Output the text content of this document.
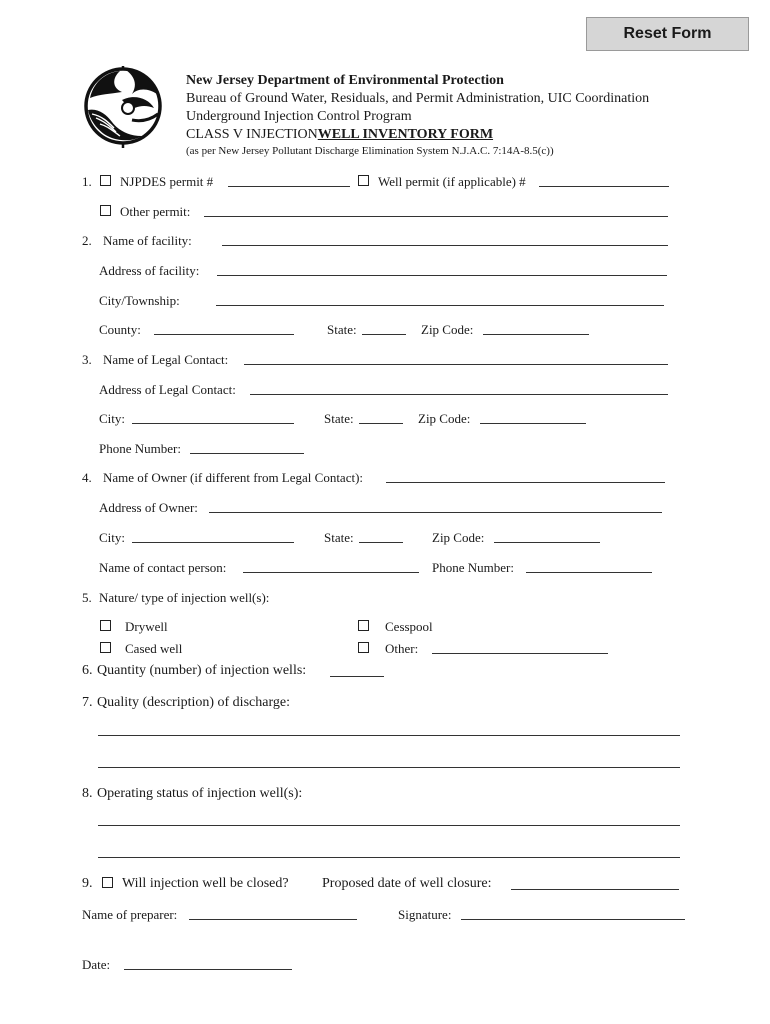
Reset Form
New Jersey Department of Environmental Protection
Bureau of Ground Water, Residuals, and Permit Administration, UIC Coordination
Underground Injection Control Program
CLASS V INJECTIONWELL INVENTORY FORM
(as per New Jersey Pollutant Discharge Elimination System N.J.A.C. 7:14A-8.5(c))
1. NJPDES permit #	Well permit (if applicable) #
Other permit:
2. Name of facility:
Address of facility:
City/Township:
County:	State:	Zip Code:
3. Name of Legal Contact:
Address of Legal Contact:
City:	State:	Zip Code:
Phone Number:
4. Name of Owner (if different from Legal Contact):
Address of Owner:
City:	State:	Zip Code:
Name of contact person:	Phone Number:
5. Nature/ type of injection well(s):
Drywell	Cesspool
Cased well	Other:
6. Quantity (number) of injection wells:
7. Quality (description) of discharge:
8. Operating status of injection well(s):
9. Will injection well be closed? Proposed date of well closure:
Name of preparer:	Signature:
Date:
